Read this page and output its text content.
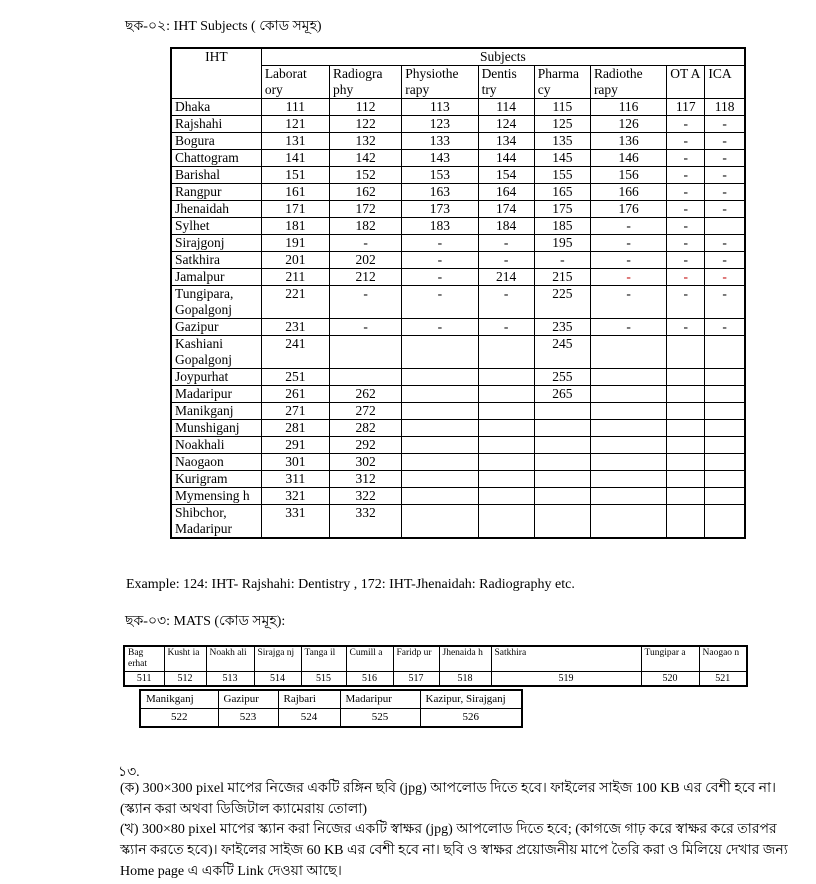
ছক-০২: IHT Subjects ( কোড সমূহ)
IHT	Subjects							
	Laborat ory	Radiogra phy	Physiothe rapy	Dentis try	Pharma cy	Radiothe rapy	OT A	ICA
Dhaka	111	112	113	114	115	116	117	118
Rajshahi	121	122	123	124	125	126	-	-
Bogura	131	132	133	134	135	136	-	-
Chattogram	141	142	143	144	145	146	-	-
Barishal	151	152	153	154	155	156	-	-
Rangpur	161	162	163	164	165	166	-	-
Jhenaidah	171	172	173	174	175	176	-	-
Sylhet	181	182	183	184	185	-	-	
Sirajgonj	191	-	-	-	195	-	-	-
Satkhira	201	202	-	-	-	-	-	-
Jamalpur	211	212	-	214	215	-	-	-
Tungipara, Gopalgonj	221	-	-	-	225	-	-	-
Gazipur	231	-	-	-	235	-	-	-
Kashiani Gopalgonj	241				245			
Joypurhat	251				255			
Madaripur	261	262			265			
Manikganj	271	272						
Munshiganj	281	282						
Noakhali	291	292						
Naogaon	301	302						
Kurigram	311	312						
Mymensing h	321	322						
Shibchor, Madaripur	331	332						
Example: 124: IHT- Rajshahi: Dentistry , 172: IHT-Jhenaidah: Radiography etc.
ছক-০৩: MATS (কোড সমূহ):
Bag erhat	Kusht ia	Noakh ali	Sirajga nj	Tanga il	Cumill a	Faridp ur	Jhenaida h	Satkhira	Tungipar a	Naogao n
511	512	513	514	515	516	517	518	519	520	521
Manikganj	Gazipur	Rajbari	Madaripur	Kazipur, Sirajganj
522	523	524	525	526
১৩.
(ক) 300×300 pixel মাপের নিজের একটি রঙ্গিন ছবি (jpg) আপলোড দিতে হবে। ফাইলের সাইজ 100 KB এর বেশী হবে না। (স্ক্যান করা অথবা ডিজিটাল ক্যামেরায় তোলা)
(খ) 300×80 pixel মাপের স্ক্যান করা নিজের একটি স্বাক্ষর (jpg) আপলোড দিতে হবে; (কাগজে গাঢ় করে স্বাক্ষর করে তারপর স্ক্যান করতে হবে)। ফাইলের সাইজ 60 KB এর বেশী হবে না। ছবি ও স্বাক্ষর প্রয়োজনীয় মাপে তৈরি করা ও মিলিয়ে দেখার জন্য Home page এ একটি Link দেওয়া আছে।
